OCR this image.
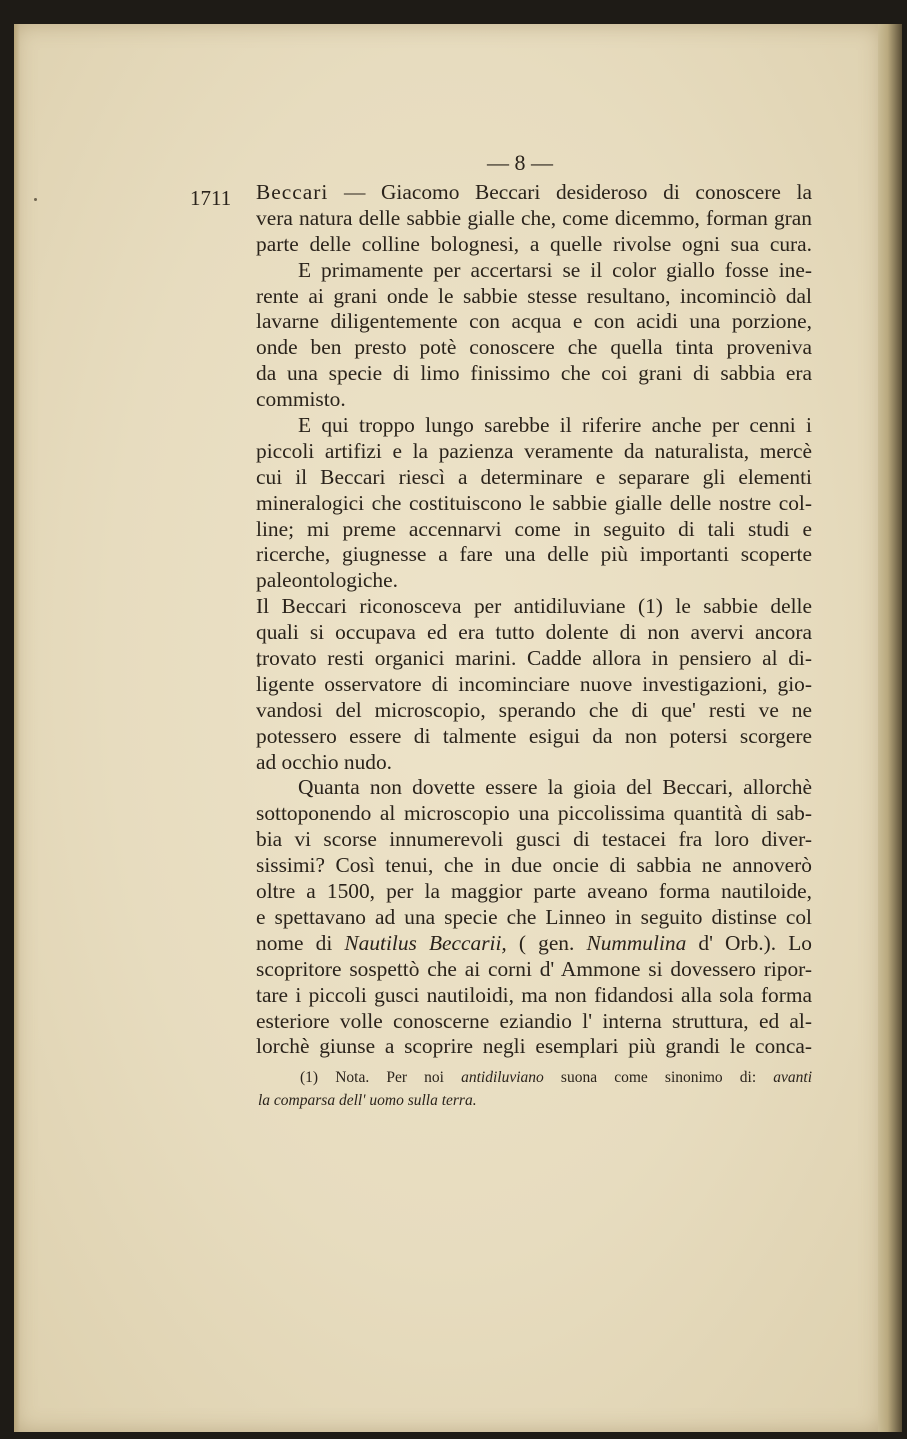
— 8 —
1711 Beccari — Giacomo Beccari desideroso di conoscere la
vera natura delle sabbie gialle che, come dicemmo, forman gran
parte delle colline bolognesi, a quelle rivolse ogni sua cura.
E primamente per accertarsi se il color giallo fosse ine-
rente ai grani onde le sabbie stesse resultano, incominciò dal
lavarne diligentemente con acqua e con acidi una porzione,
onde ben presto potè conoscere che quella tinta proveniva
da una specie di limo finissimo che coi grani di sabbia era
commisto.
E qui troppo lungo sarebbe il riferire anche per cenni i
piccoli artifizi e la pazienza veramente da naturalista, mercè
cui il Beccari riescì a determinare e separare gli elementi
mineralogici che costituiscono le sabbie gialle delle nostre col-
line; mi preme accennarvi come in seguito di tali studi e
ricerche, giugnesse a fare una delle più importanti scoperte
paleontologiche.
Il Beccari riconosceva per antidiluviane (1) le sabbie delle
quali si occupava ed era tutto dolente di non avervi ancora
trovato resti organici marini. Cadde allora in pensiero al di-
ligente osservatore di incominciare nuove investigazioni, gio-
vandosi del microscopio, sperando che di que' resti ve ne
potessero essere di talmente esigui da non potersi scorgere
ad occhio nudo.
Quanta non dovette essere la gioia del Beccari, allorchè
sottoponendo al microscopio una piccolissima quantità di sab-
bia vi scorse innumerevoli gusci di testacei fra loro diver-
sissimi? Così tenui, che in due oncie di sabbia ne annoverò
oltre a 1500, per la maggior parte aveano forma nautiloide,
e spettavano ad una specie che Linneo in seguito distinse col
nome di Nautilus Beccarii, ( gen. Nummulina d' Orb.). Lo
scopritore sospettò che ai corni d' Ammone si dovessero ripor-
tare i piccoli gusci nautiloidi, ma non fidandosi alla sola forma
esteriore volle conoscerne eziandio l' interna struttura, ed al-
lorchè giunse a scoprire negli esemplari più grandi le conca-
(1) Nota. Per noi antidiluviano suona come sinonimo di: avanti
la comparsa dell' uomo sulla terra.
